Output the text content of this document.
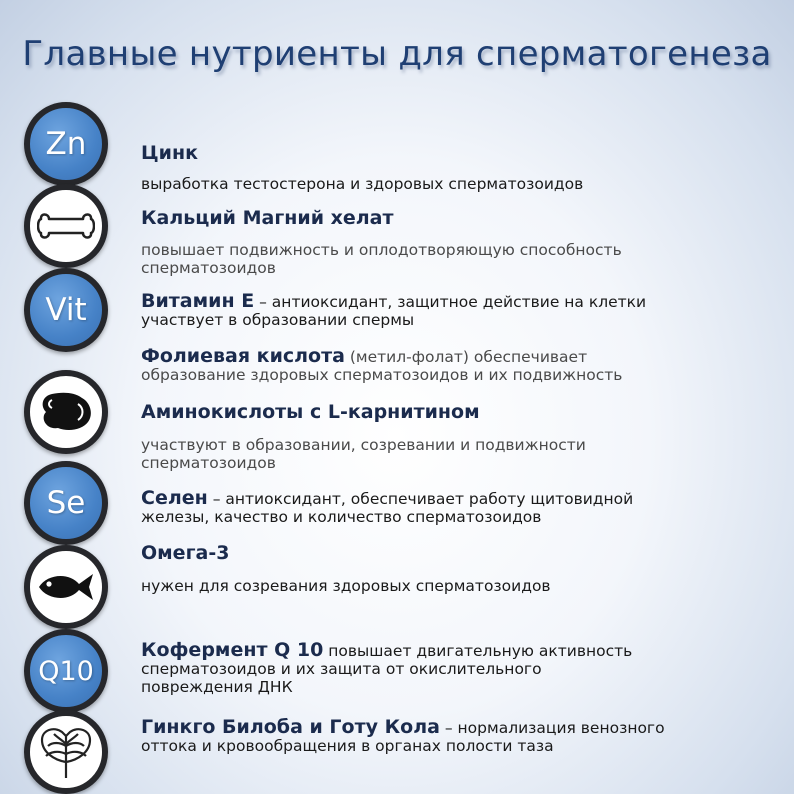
Главные нутриенты для сперматогенеза
Zn
Vit
Se
Q10
Цинк
выработка тестостерона и здоровых сперматозоидов
Кальций Магний хелат
повышает подвижность и оплодотворяющую способность
сперматозоидов
Витамин Е – антиоксидант, защитное действие на клетки
участвует в образовании спермы
Фолиевая кислота (метил-фолат) обеспечивает
образование здоровых сперматозоидов и их подвижность
Аминокислоты с L-карнитином
участвуют в образовании, созревании и подвижности
сперматозоидов
Селен – антиоксидант, обеспечивает работу щитовидной
железы, качество и количество сперматозоидов
Омега-3
нужен для созревания здоровых сперматозоидов
Кофермент Q 10 повышает двигательную активность
сперматозоидов и их защита от окислительного
повреждения ДНК
Гинкго Билоба и Готу Кола – нормализация венозного
оттока и кровообращения в органах полости таза
